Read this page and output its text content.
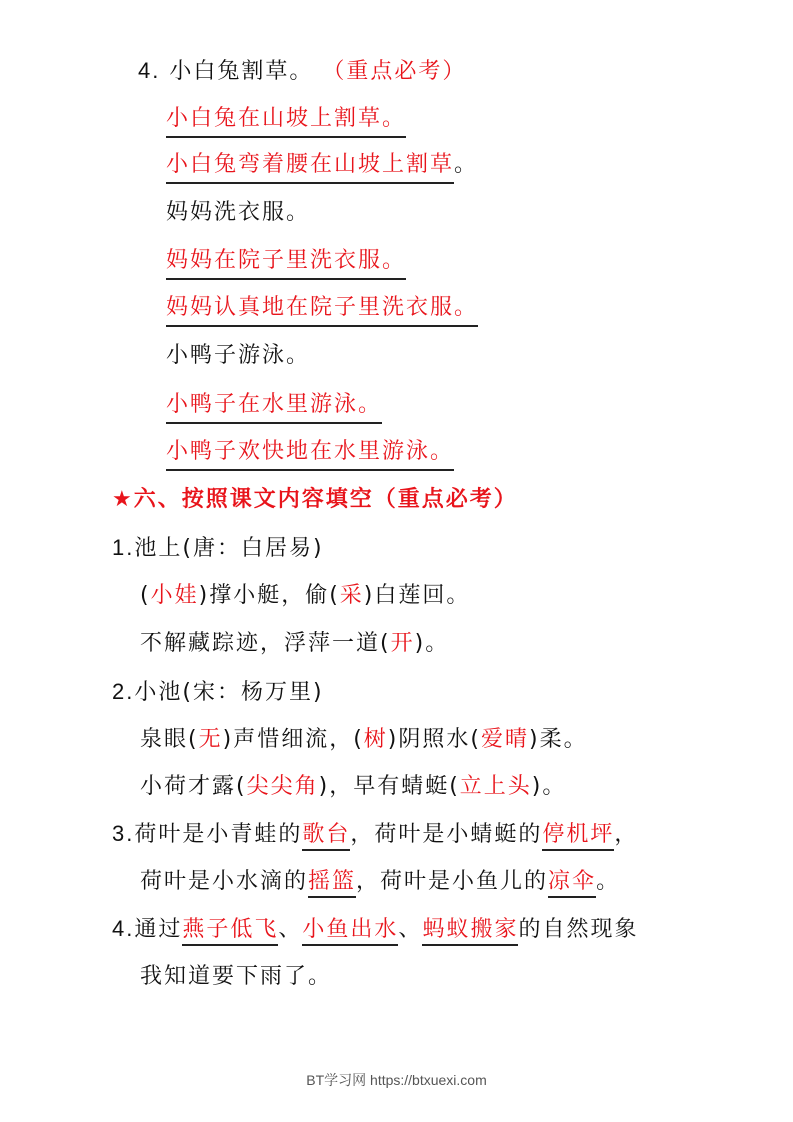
4. 小白兔割草。 （重点必考）
小白兔在山坡上割草。
小白兔弯着腰在山坡上割草。
妈妈洗衣服。
妈妈在院子里洗衣服。
妈妈认真地在院子里洗衣服。
小鸭子游泳。
小鸭子在水里游泳。
小鸭子欢快地在水里游泳。
★六、按照课文内容填空（重点必考）
1.池上(唐：白居易)
(小娃)撑小艇，偷(采)白莲回。
不解藏踪迹，浮萍一道(开)。
2.小池(宋：杨万里)
泉眼(无)声惜细流，(树)阴照水(爱晴)柔。
小荷才露(尖尖角)，早有蜻蜓(立上头)。
3.荷叶是小青蛙的歌台，荷叶是小蜻蜓的停机坪，
荷叶是小水滴的摇篮，荷叶是小鱼儿的凉伞。
4.通过燕子低飞、小鱼出水、蚂蚁搬家的自然现象
我知道要下雨了。
BT学习网 https://btxuexi.com
